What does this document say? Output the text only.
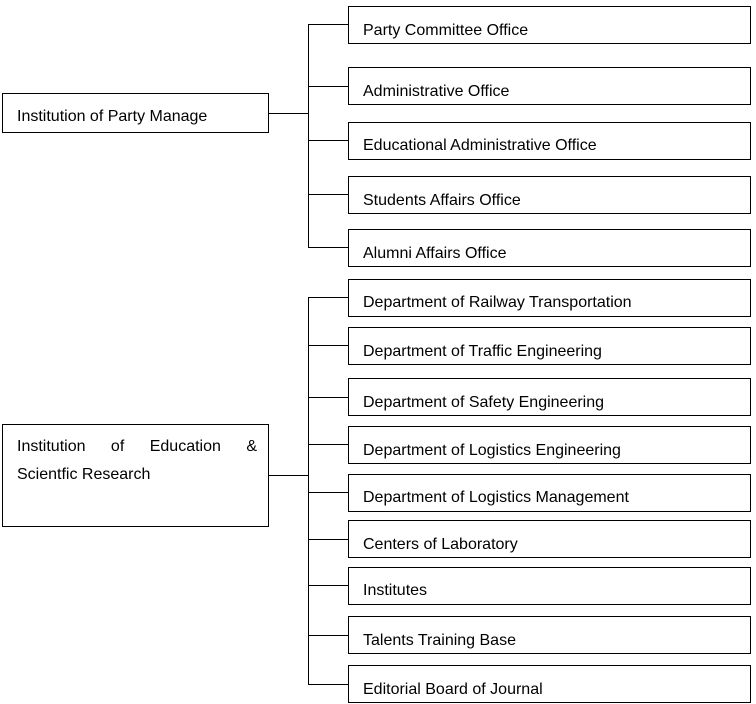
Institution of Party Manage
Institution of Education & Scientfic Research
Party Committee Office
Administrative Office
Educational Administrative Office
Students Affairs Office
Alumni Affairs Office
Department of Railway Transportation
Department of Traffic Engineering
Department of Safety Engineering
Department of Logistics Engineering
Department of Logistics Management
Centers of Laboratory
Institutes
Talents Training Base
Editorial Board of Journal
